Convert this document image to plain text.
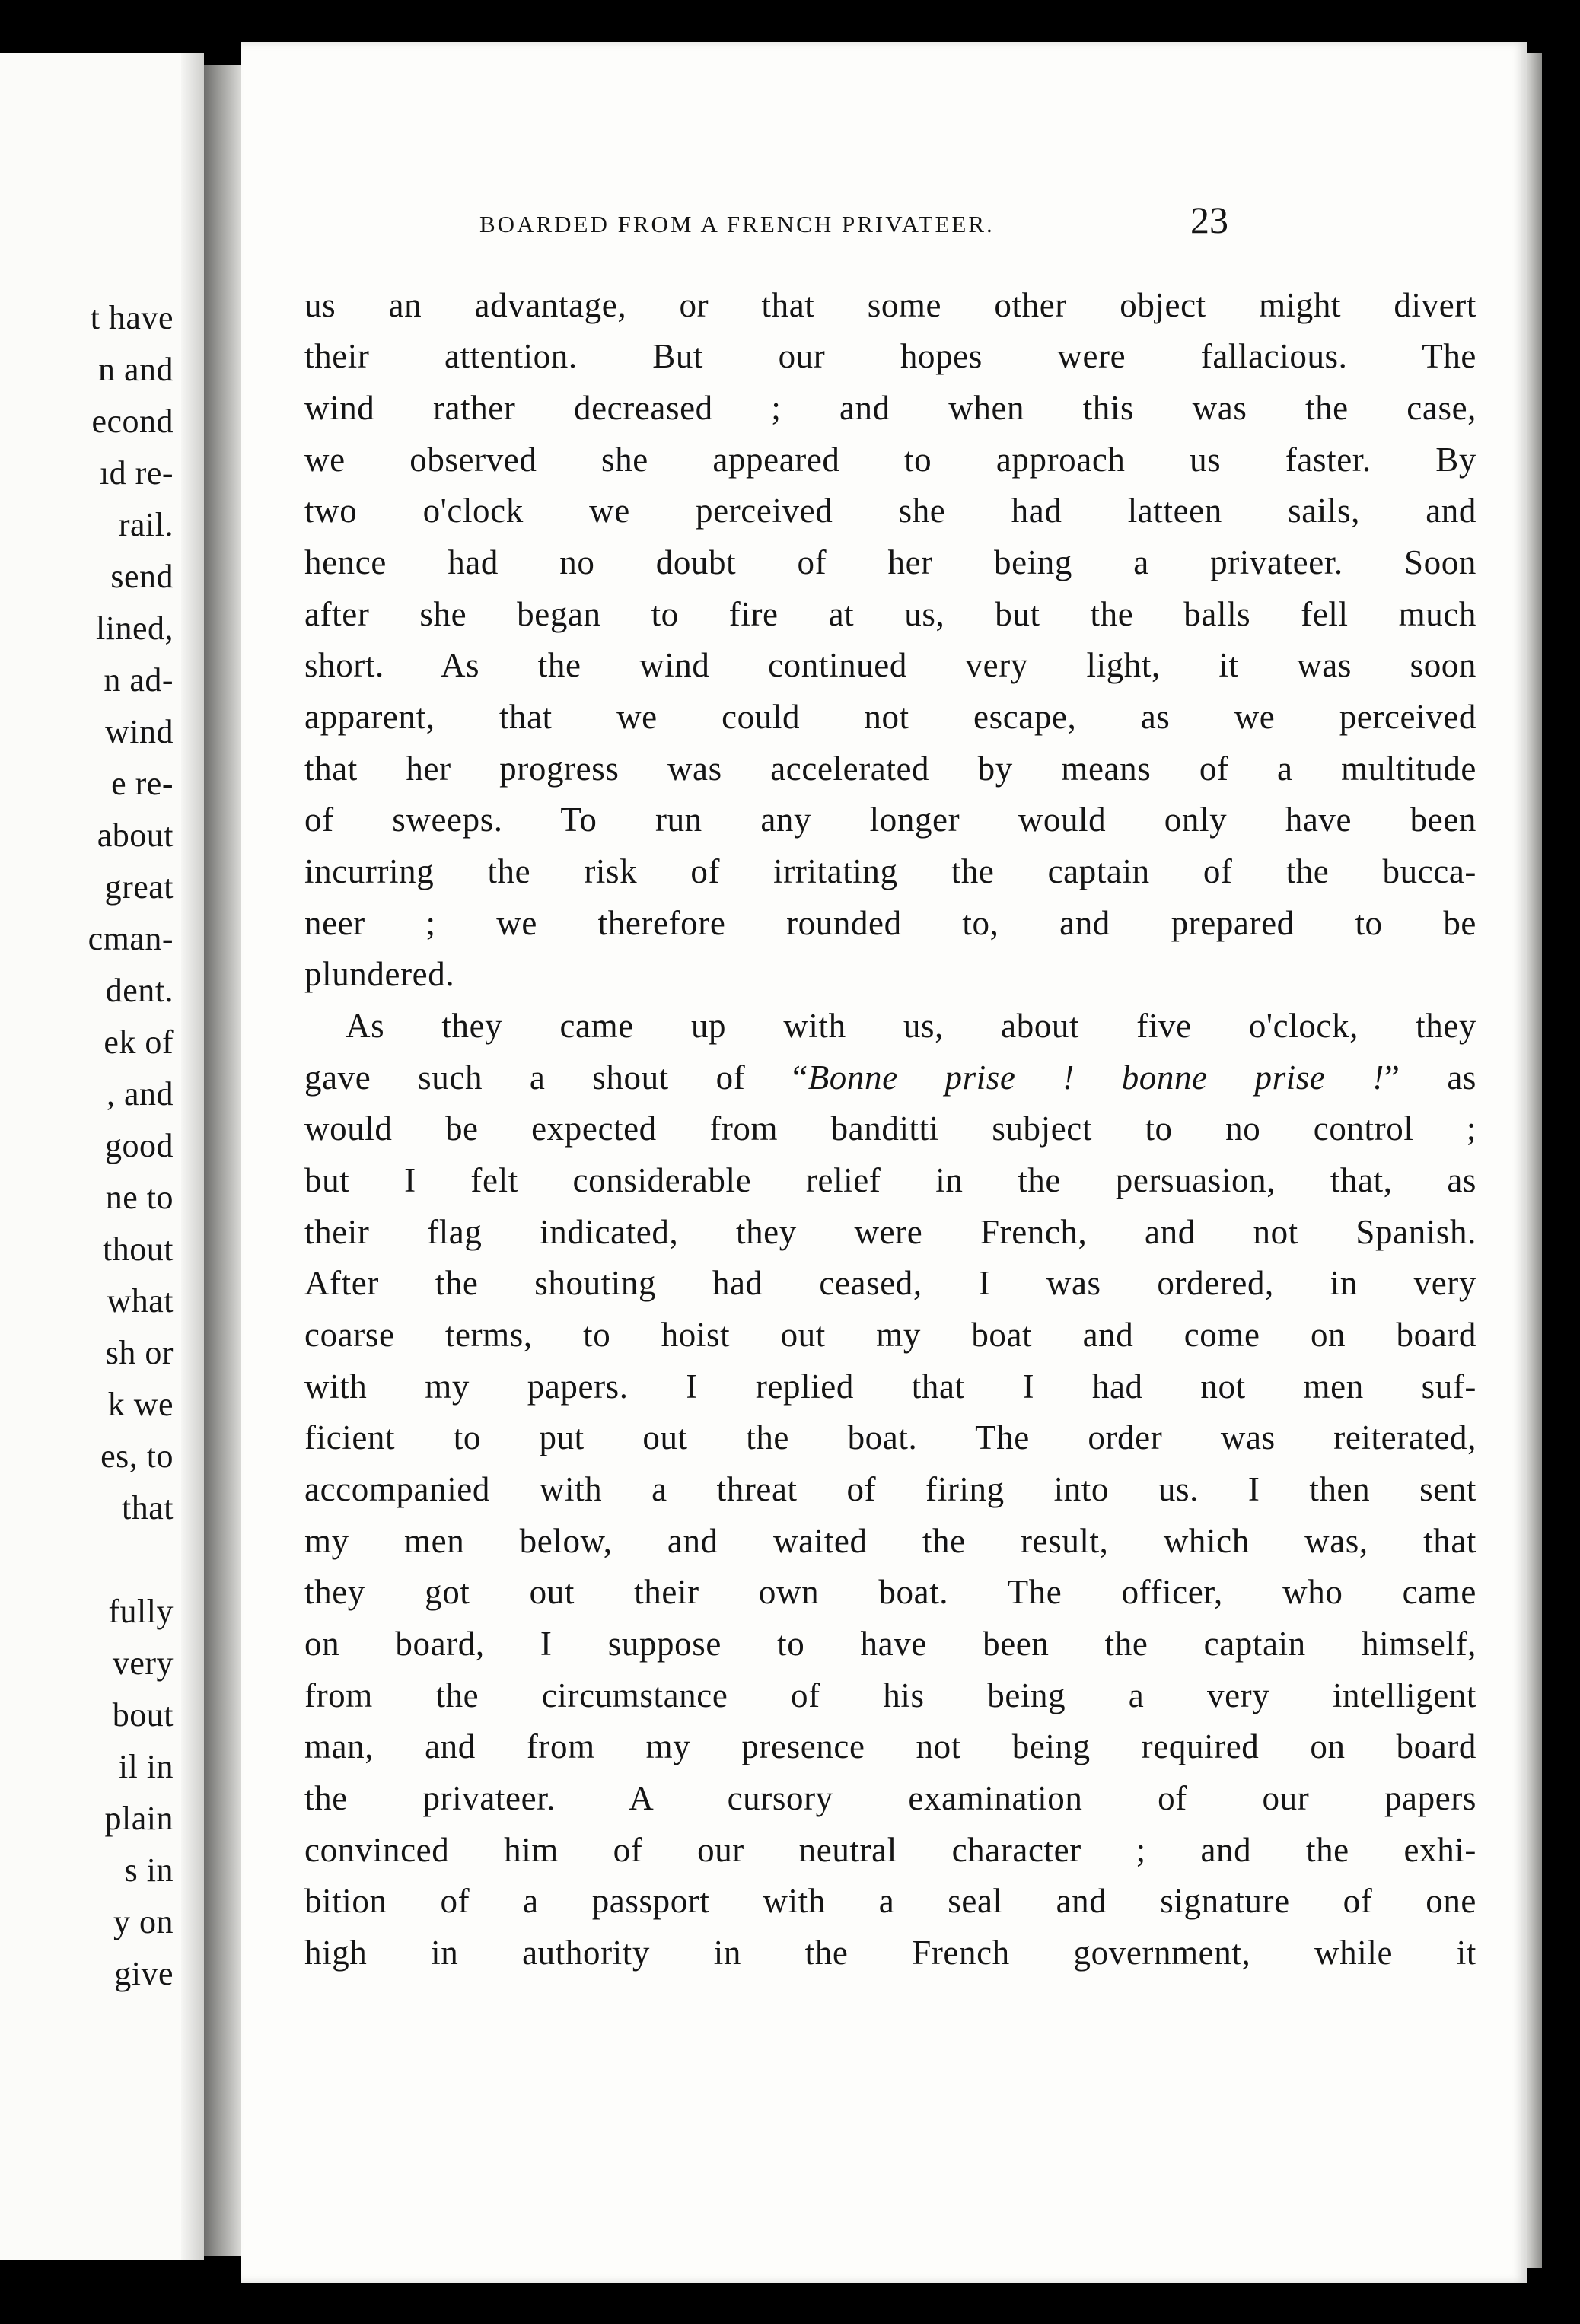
t have
n and
econd
ıd re-
rail.
send
lined,
n ad-
wind
e re-
about
great
cman-
dent.
ek of
, and
good
ne to
thout
what
sh or
k we
es, to
that
fully
very
bout
il in
plain
s in
y on
give
BOARDED FROM A FRENCH PRIVATEER.	23
us an advantage, or that some other object might divert
their attention. But our hopes were fallacious. The
wind rather decreased ; and when this was the case,
we observed she appeared to approach us faster. By
two o'clock we perceived she had latteen sails, and
hence had no doubt of her being a privateer. Soon
after she began to fire at us, but the balls fell much
short. As the wind continued very light, it was soon
apparent, that we could not escape, as we perceived
that her progress was accelerated by means of a multitude
of sweeps. To run any longer would only have been
incurring the risk of irritating the captain of the bucca-
neer ; we therefore rounded to, and prepared to be
plundered.
As they came up with us, about five o'clock, they
gave such a shout of “Bonne prise ! bonne prise !” as
would be expected from banditti subject to no control ;
but I felt considerable relief in the persuasion, that, as
their flag indicated, they were French, and not Spanish.
After the shouting had ceased, I was ordered, in very
coarse terms, to hoist out my boat and come on board
with my papers. I replied that I had not men suf-
ficient to put out the boat. The order was reiterated,
accompanied with a threat of firing into us. I then sent
my men below, and waited the result, which was, that
they got out their own boat. The officer, who came
on board, I suppose to have been the captain himself,
from the circumstance of his being a very intelligent
man, and from my presence not being required on board
the privateer. A cursory examination of our papers
convinced him of our neutral character ; and the exhi-
bition of a passport with a seal and signature of one
high in authority in the French government, while it
